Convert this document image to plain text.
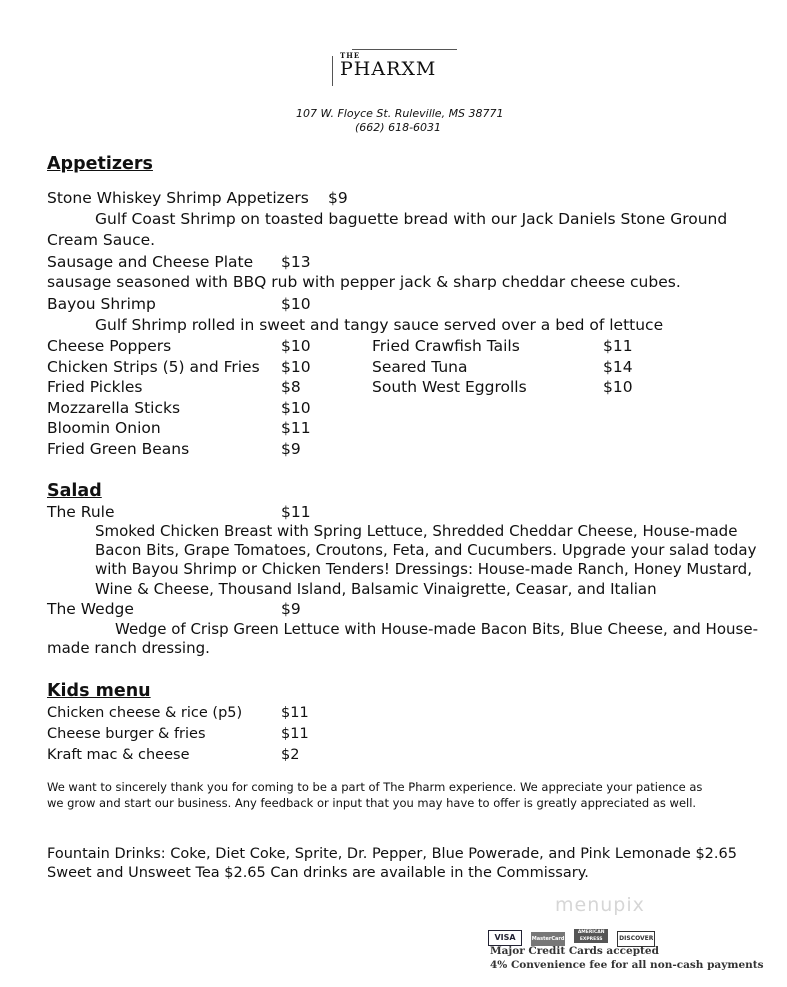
THE
PHARXM
107 W. Floyce St. Ruleville, MS 38771
(662) 618-6031
Appetizers
Stone Whiskey Shrimp Appetizers $9
Gulf Coast Shrimp on toasted baguette bread with our Jack Daniels Stone Ground
Cream Sauce.
Sausage and Cheese Plate $13
sausage seasoned with BBQ rub with pepper jack & sharp cheddar cheese cubes.
Bayou Shrimp	$10
Gulf Shrimp rolled in sweet and tangy sauce served over a bed of lettuce
Cheese Poppers	$10
Chicken Strips (5) and Fries $10
Fried Pickles	$8
Mozzarella Sticks	$10
Bloomin Onion	$11
Fried Green Beans	$9
Fried Crawfish Tails	$11
Seared Tuna	$14
South West Eggrolls	$10
Salad
The Rule	$11
Smoked Chicken Breast with Spring Lettuce, Shredded Cheddar Cheese, House-made
Bacon Bits, Grape Tomatoes, Croutons, Feta, and Cucumbers. Upgrade your salad today
with Bayou Shrimp or Chicken Tenders! Dressings: House-made Ranch, Honey Mustard,
Wine & Cheese, Thousand Island, Balsamic Vinaigrette, Ceasar, and Italian
The Wedge	$9
Wedge of Crisp Green Lettuce with House-made Bacon Bits, Blue Cheese, and House-
made ranch dressing.
Kids menu
Chicken cheese & rice (p5)	$11
Cheese burger & fries	$11
Kraft mac & cheese	$2
We want to sincerely thank you for coming to be a part of The Pharm experience. We appreciate your patience as
we grow and start our business. Any feedback or input that you may have to offer is greatly appreciated as well.
Fountain Drinks: Coke, Diet Coke, Sprite, Dr. Pepper, Blue Powerade, and Pink Lemonade $2.65
Sweet and Unsweet Tea $2.65 Can drinks are available in the Commissary.
menupix
VISA	MasterCard AMERICAN EXPRESS	DISCOVER
Major Credit Cards accepted
4% Convenience fee for all non-cash payments
